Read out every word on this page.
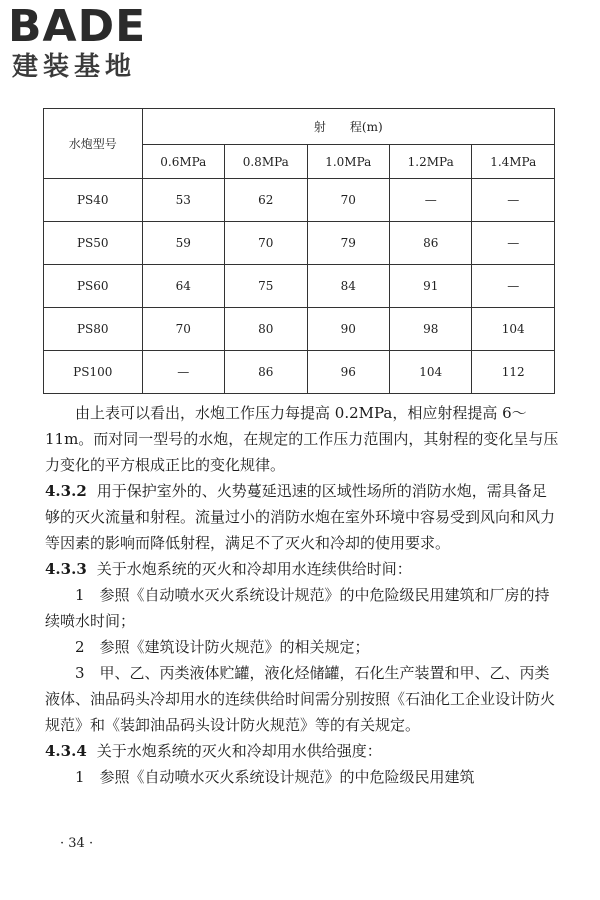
BADE
建装基地
水炮型号	射　　程(m)				
	0.6MPa	0.8MPa	1.0MPa	1.2MPa	1.4MPa
PS40	53	62	70	—	—
PS50	59	70	79	86	—
PS60	64	75	84	91	—
PS80	70	80	90	98	104
PS100	—	86	96	104	112

由上表可以看出，水炮工作压力每提高 0.2MPa，相应射程提高 6～11m。而对同一型号的水炮，在规定的工作压力范围内，其射程的变化呈与压力变化的平方根成正比的变化规律。

4.3.2 用于保护室外的、火势蔓延迅速的区域性场所的消防水炮，需具备足够的灭火流量和射程。流量过小的消防水炮在室外环境中容易受到风向和风力等因素的影响而降低射程，满足不了灭火和冷却的使用要求。

4.3.3 关于水炮系统的灭火和冷却用水连续供给时间：

1　参照《自动喷水灭火系统设计规范》的中危险级民用建筑和厂房的持续喷水时间；

2　参照《建筑设计防火规范》的相关规定；

3　甲、乙、丙类液体贮罐，液化烃储罐，石化生产装置和甲、乙、丙类液体、油品码头冷却用水的连续供给时间需分别按照《石油化工企业设计防火规范》和《装卸油品码头设计防火规范》等的有关规定。

4.3.4 关于水炮系统的灭火和冷却用水供给强度：

1　参照《自动喷水灭火系统设计规范》的中危险级民用建筑

· 34 ·
